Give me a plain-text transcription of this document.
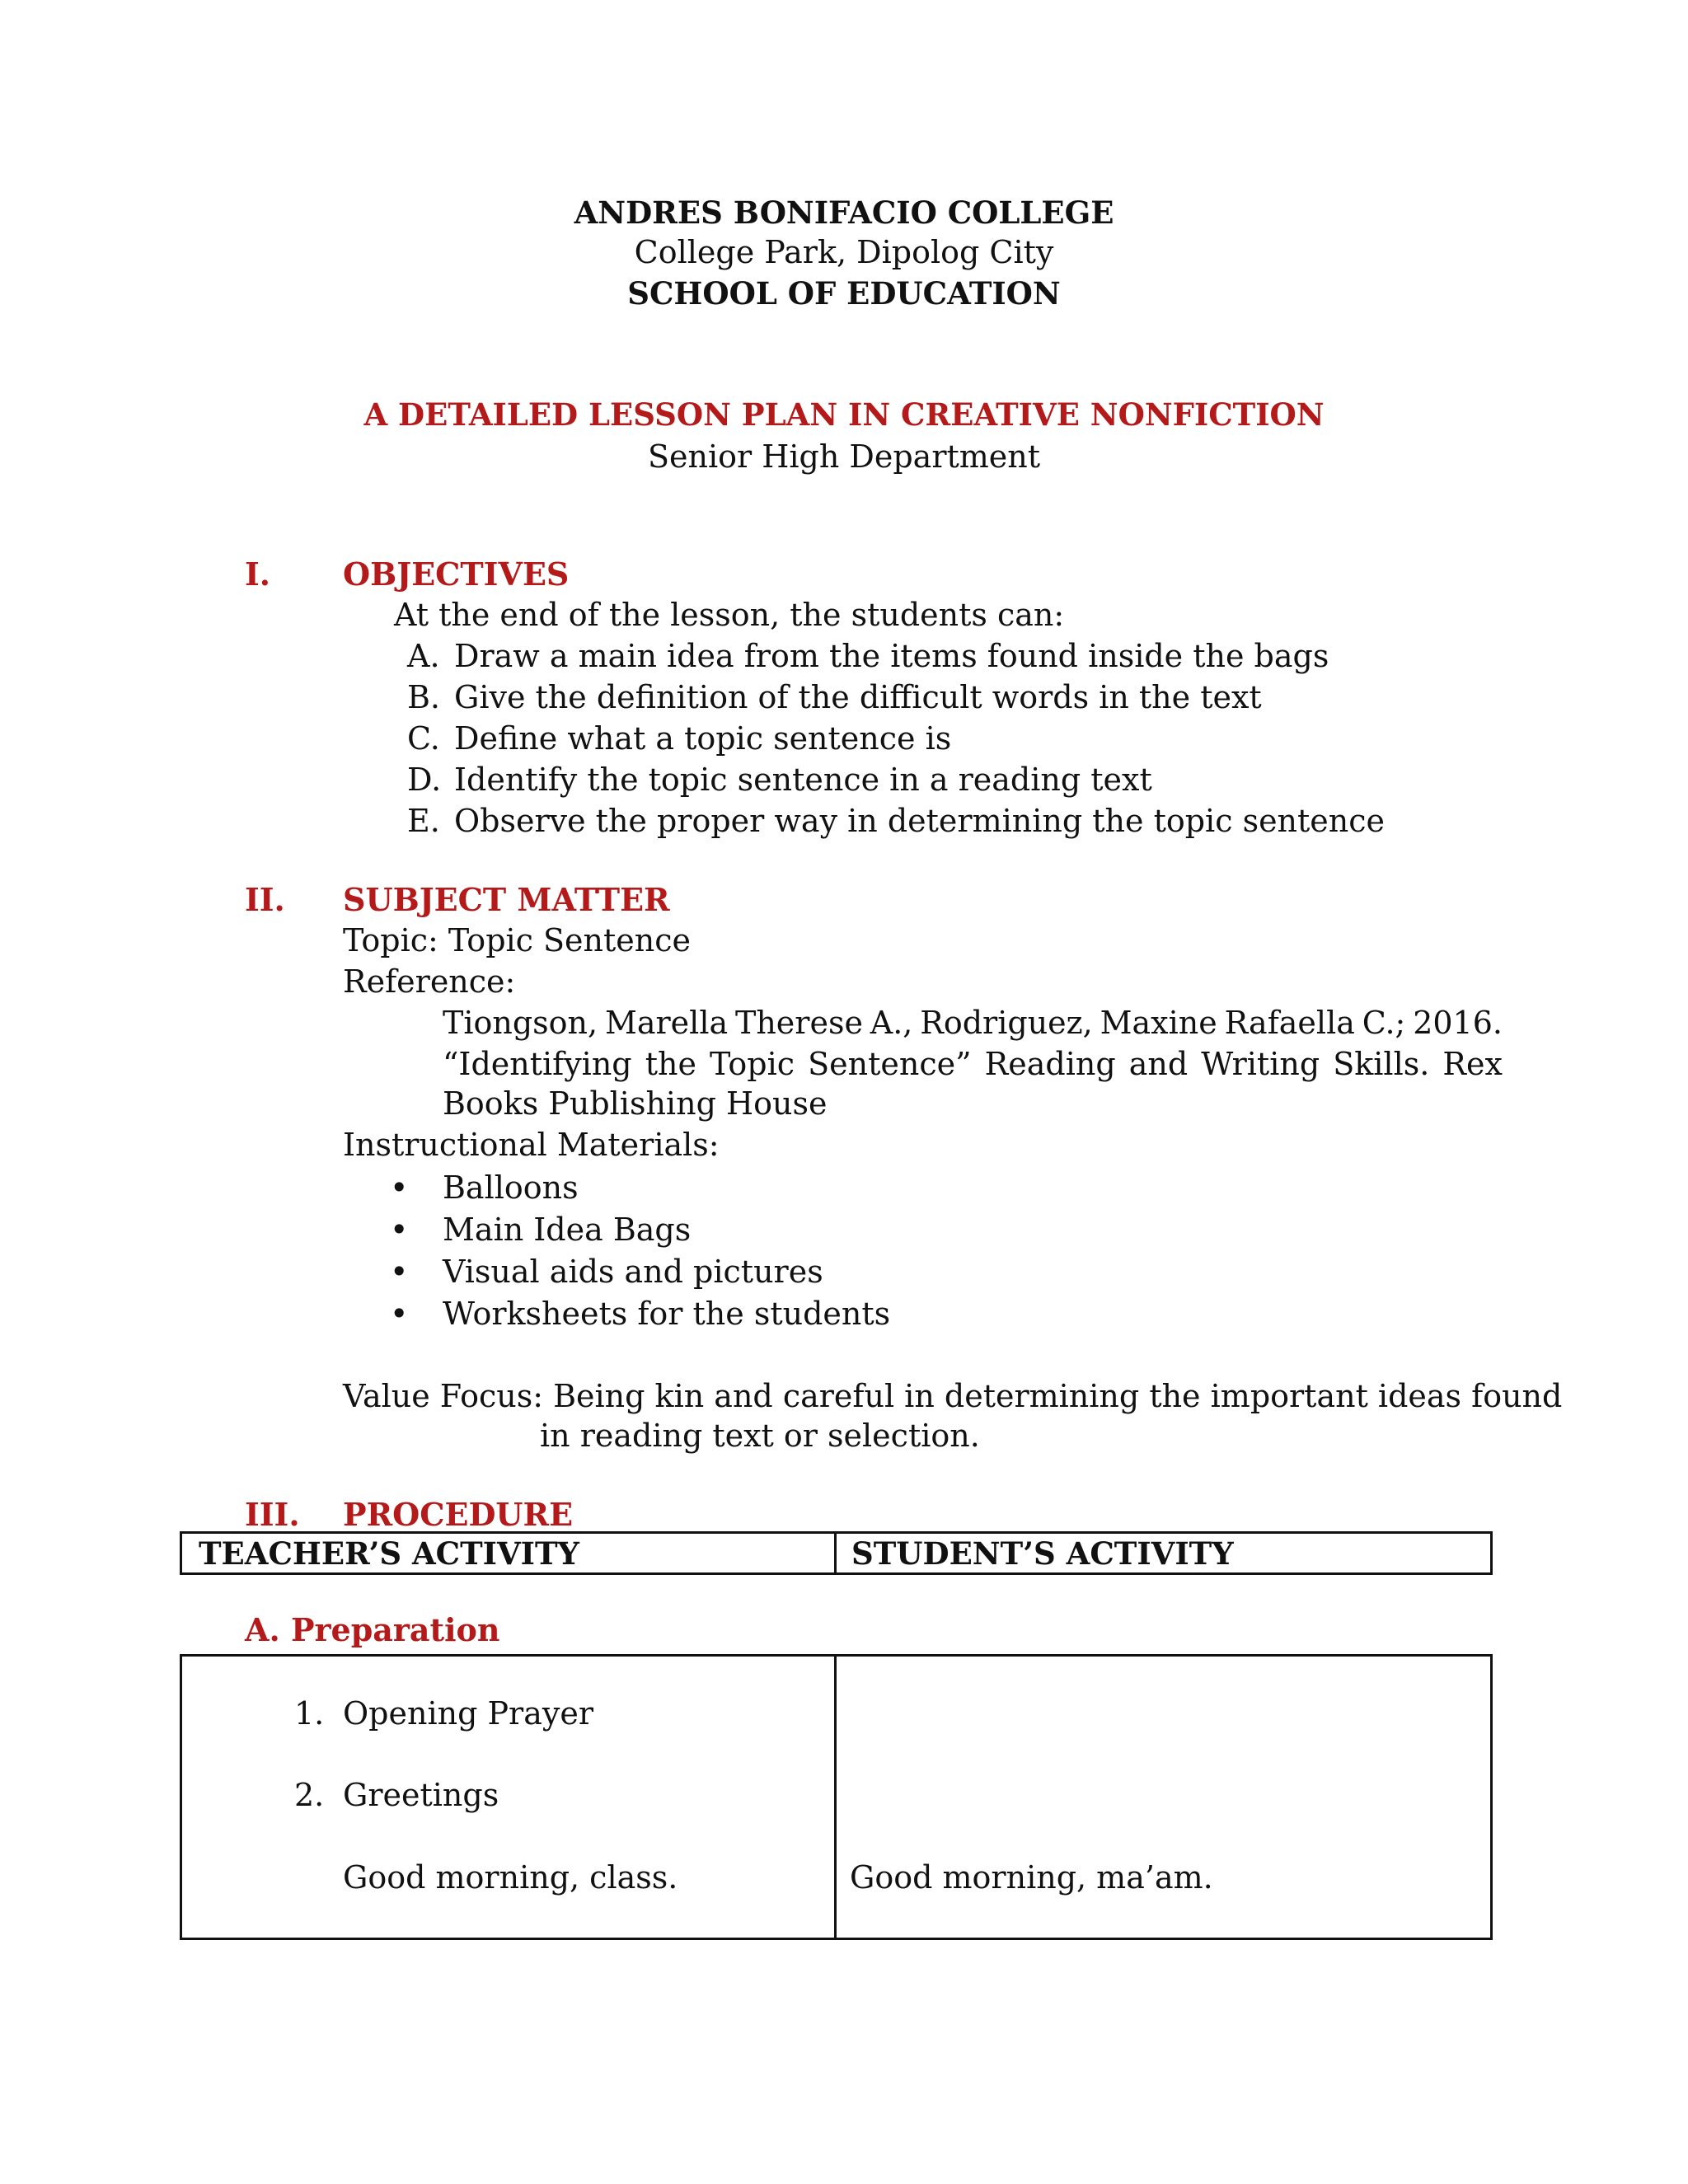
ANDRES BONIFACIO COLLEGE
College Park, Dipolog City
SCHOOL OF EDUCATION
A DETAILED LESSON PLAN IN CREATIVE NONFICTION
Senior High Department
I. OBJECTIVES
At the end of the lesson, the students can:
A. Draw a main idea from the items found inside the bags
B. Give the definition of the difficult words in the text
C. Define what a topic sentence is
D. Identify the topic sentence in a reading text
E. Observe the proper way in determining the topic sentence
II. SUBJECT MATTER
Topic: Topic Sentence
Reference:
Tiongson, Marella Therese A., Rodriguez, Maxine Rafaella C.; 2016.
“Identifying the Topic Sentence” Reading and Writing Skills. Rex
Books Publishing House
Instructional Materials:
• Balloons
• Main Idea Bags
• Visual aids and pictures
• Worksheets for the students
Value Focus: Being kin and careful in determining the important ideas found
in reading text or selection.
III. PROCEDURE
TEACHER’S ACTIVITY	STUDENT’S ACTIVITY
A. Preparation
1. Opening Prayer
2. Greetings
Good morning, class.	Good morning, ma’am.
